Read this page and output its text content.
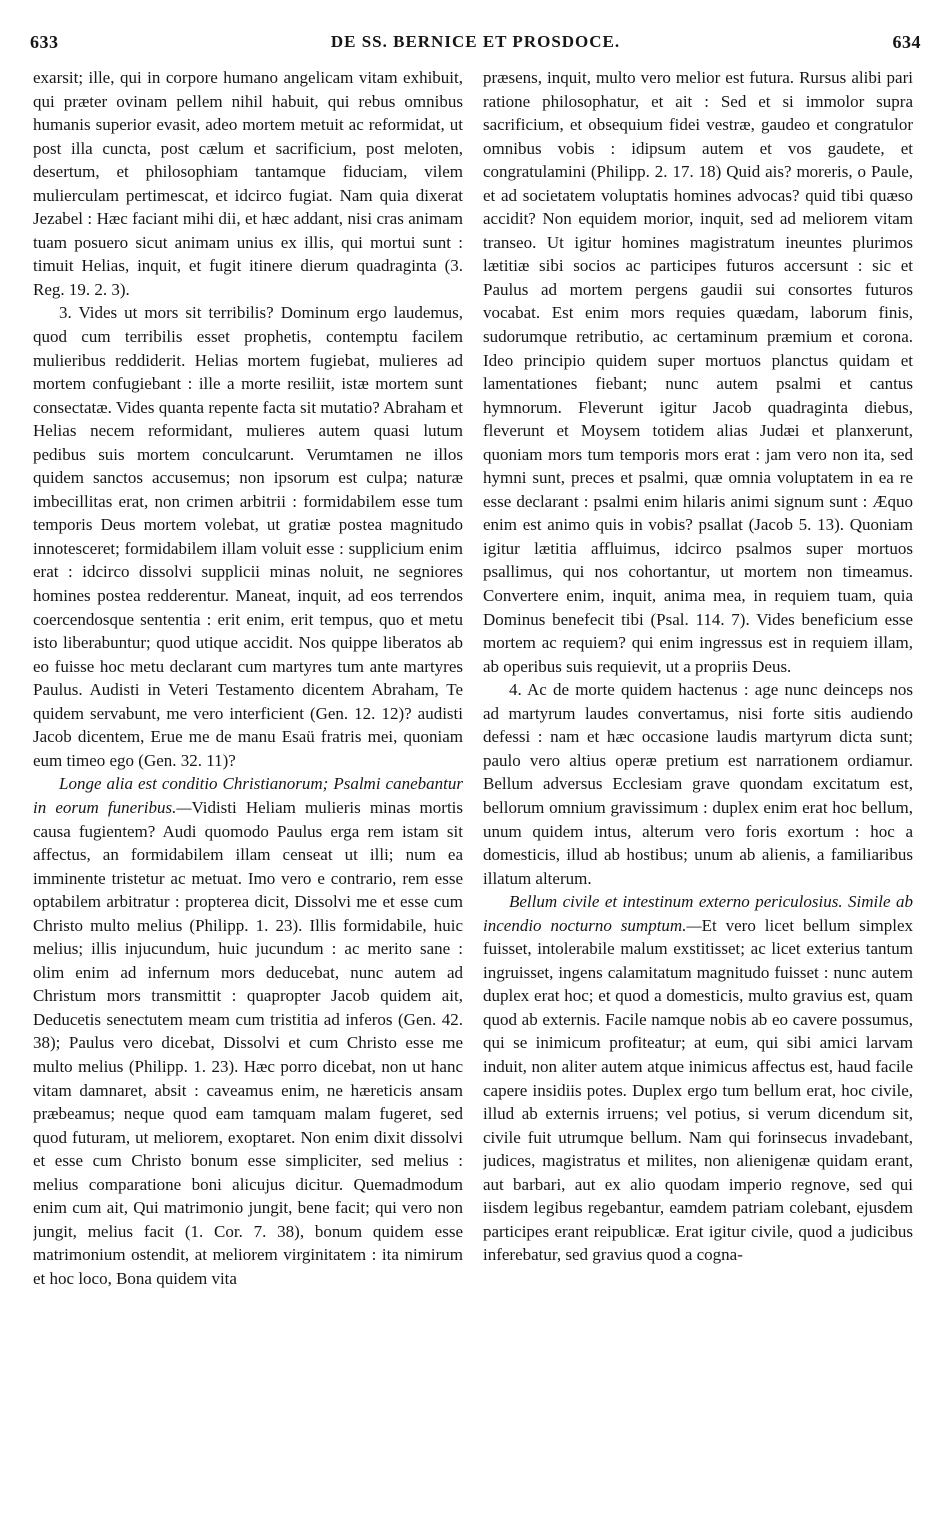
633	DE SS. BERNICE ET PROSDOCE.	634

exarsit; ille, qui in corpore humano angelicam vitam exhibuit, qui præter ovinam pellem nihil habuit, qui rebus omnibus humanis superior evasit, adeo mortem metuit ac reformidat, ut post illa cuncta, post cælum et sacrificium, post meloten, desertum, et philosophiam tantamque fiduciam, vilem mulierculam pertimescat, et idcirco fugiat. Nam quia dixerat Jezabel : Hæc faciant mihi dii, et hæc addant, nisi cras animam tuam posuero sicut animam unius ex illis, qui mortui sunt : timuit Helias, inquit, et fugit itinere dierum quadraginta (3. Reg. 19. 2. 3).

3. Vides ut mors sit terribilis? Dominum ergo laudemus, quod cum terribilis esset prophetis, contemptu facilem mulieribus reddiderit. Helias mortem fugiebat, mulieres ad mortem confugiebant : ille a morte resiliit, istæ mortem sunt consectatæ. Vides quanta repente facta sit mutatio? Abraham et Helias necem reformidant, mulieres autem quasi lutum pedibus suis mortem conculcarunt. Verumtamen ne illos quidem sanctos accusemus; non ipsorum est culpa; naturæ imbecillitas erat, non crimen arbitrii : formidabilem esse tum temporis Deus mortem volebat, ut gratiæ postea magnitudo innotesceret; formidabilem illam voluit esse : supplicium enim erat : idcirco dissolvi supplicii minas noluit, ne segniores homines postea redderentur. Maneat, inquit, ad eos terrendos coercendosque sententia : erit enim, erit tempus, quo et metu isto liberabuntur; quod utique accidit. Nos quippe liberatos ab eo fuisse hoc metu declarant cum martyres tum ante martyres Paulus. Audisti in Veteri Testamento dicentem Abraham, Te quidem servabunt, me vero interficient (Gen. 12. 12)? audisti Jacob dicentem, Erue me de manu Esaü fratris mei, quoniam eum timeo ego (Gen. 32. 11)?

Longe alia est conditio Christianorum; Psalmi canebantur in eorum funeribus.—Vidisti Heliam mulieris minas mortis causa fugientem? Audi quomodo Paulus erga rem istam sit affectus, an formidabilem illam censeat ut illi; num ea imminente tristetur ac metuat. Imo vero e contrario, rem esse optabilem arbitratur : propterea dicit, Dissolvi me et esse cum Christo multo melius (Philipp. 1. 23). Illis formidabile, huic melius; illis injucundum, huic jucundum : ac merito sane : olim enim ad infernum mors deducebat, nunc autem ad Christum mors transmittit : quapropter Jacob quidem ait, Deducetis senectutem meam cum tristitia ad inferos (Gen. 42. 38); Paulus vero dicebat, Dissolvi et cum Christo esse me multo melius (Philipp. 1. 23). Hæc porro dicebat, non ut hanc vitam damnaret, absit : caveamus enim, ne hæreticis ansam præbeamus; neque quod eam tamquam malam fugeret, sed quod futuram, ut meliorem, exoptaret. Non enim dixit dissolvi et esse cum Christo bonum esse simpliciter, sed melius : melius comparatione boni alicujus dicitur. Quemadmodum enim cum ait, Qui matrimonio jungit, bene facit; qui vero non jungit, melius facit (1. Cor. 7. 38), bonum quidem esse matrimonium ostendit, at meliorem virginitatem : ita nimirum et hoc loco, Bona quidem vita

præsens, inquit, multo vero melior est futura. Rursus alibi pari ratione philosophatur, et ait : Sed et si immolor supra sacrificium, et obsequium fidei vestræ, gaudeo et congratulor omnibus vobis : idipsum autem et vos gaudete, et congratulamini (Philipp. 2. 17. 18) Quid ais? moreris, o Paule, et ad societatem voluptatis homines advocas? quid tibi quæso accidit? Non equidem morior, inquit, sed ad meliorem vitam transeo. Ut igitur homines magistratum ineuntes plurimos lætitiæ sibi socios ac participes futuros accersunt : sic et Paulus ad mortem pergens gaudii sui consortes futuros vocabat. Est enim mors requies quædam, laborum finis, sudorumque retributio, ac certaminum præmium et corona. Ideo principio quidem super mortuos planctus quidam et lamentationes fiebant; nunc autem psalmi et cantus hymnorum. Fleverunt igitur Jacob quadraginta diebus, fleverunt et Moysem totidem alias Judæi et planxerunt, quoniam mors tum temporis mors erat : jam vero non ita, sed hymni sunt, preces et psalmi, quæ omnia voluptatem in ea re esse declarant : psalmi enim hilaris animi signum sunt : Æquo enim est animo quis in vobis? psallat (Jacob 5. 13). Quoniam igitur lætitia affluimus, idcirco psalmos super mortuos psallimus, qui nos cohortantur, ut mortem non timeamus. Convertere enim, inquit, anima mea, in requiem tuam, quia Dominus benefecit tibi (Psal. 114. 7). Vides beneficium esse mortem ac requiem? qui enim ingressus est in requiem illam, ab operibus suis requievit, ut a propriis Deus.

4. Ac de morte quidem hactenus : age nunc deinceps nos ad martyrum laudes convertamus, nisi forte sitis audiendo defessi : nam et hæc occasione laudis martyrum dicta sunt; paulo vero altius operæ pretium est narrationem ordiamur. Bellum adversus Ecclesiam grave quondam excitatum est, bellorum omnium gravissimum : duplex enim erat hoc bellum, unum quidem intus, alterum vero foris exortum : hoc a domesticis, illud ab hostibus; unum ab alienis, a familiaribus illatum alterum.

Bellum civile et intestinum externo periculosius. Simile ab incendio nocturno sumptum.—Et vero licet bellum simplex fuisset, intolerabile malum exstitisset; ac licet exterius tantum ingruisset, ingens calamitatum magnitudo fuisset : nunc autem duplex erat hoc; et quod a domesticis, multo gravius est, quam quod ab externis. Facile namque nobis ab eo cavere possumus, qui se inimicum profiteatur; at eum, qui sibi amici larvam induit, non aliter autem atque inimicus affectus est, haud facile capere insidiis potes. Duplex ergo tum bellum erat, hoc civile, illud ab externis irruens; vel potius, si verum dicendum sit, civile fuit utrumque bellum. Nam qui forinsecus invadebant, judices, magistratus et milites, non alienigenæ quidam erant, aut barbari, aut ex alio quodam imperio regnove, sed qui iisdem legibus regebantur, eamdem patriam colebant, ejusdem participes erant reipublicæ. Erat igitur civile, quod a judicibus inferebatur, sed gravius quod a cogna-
